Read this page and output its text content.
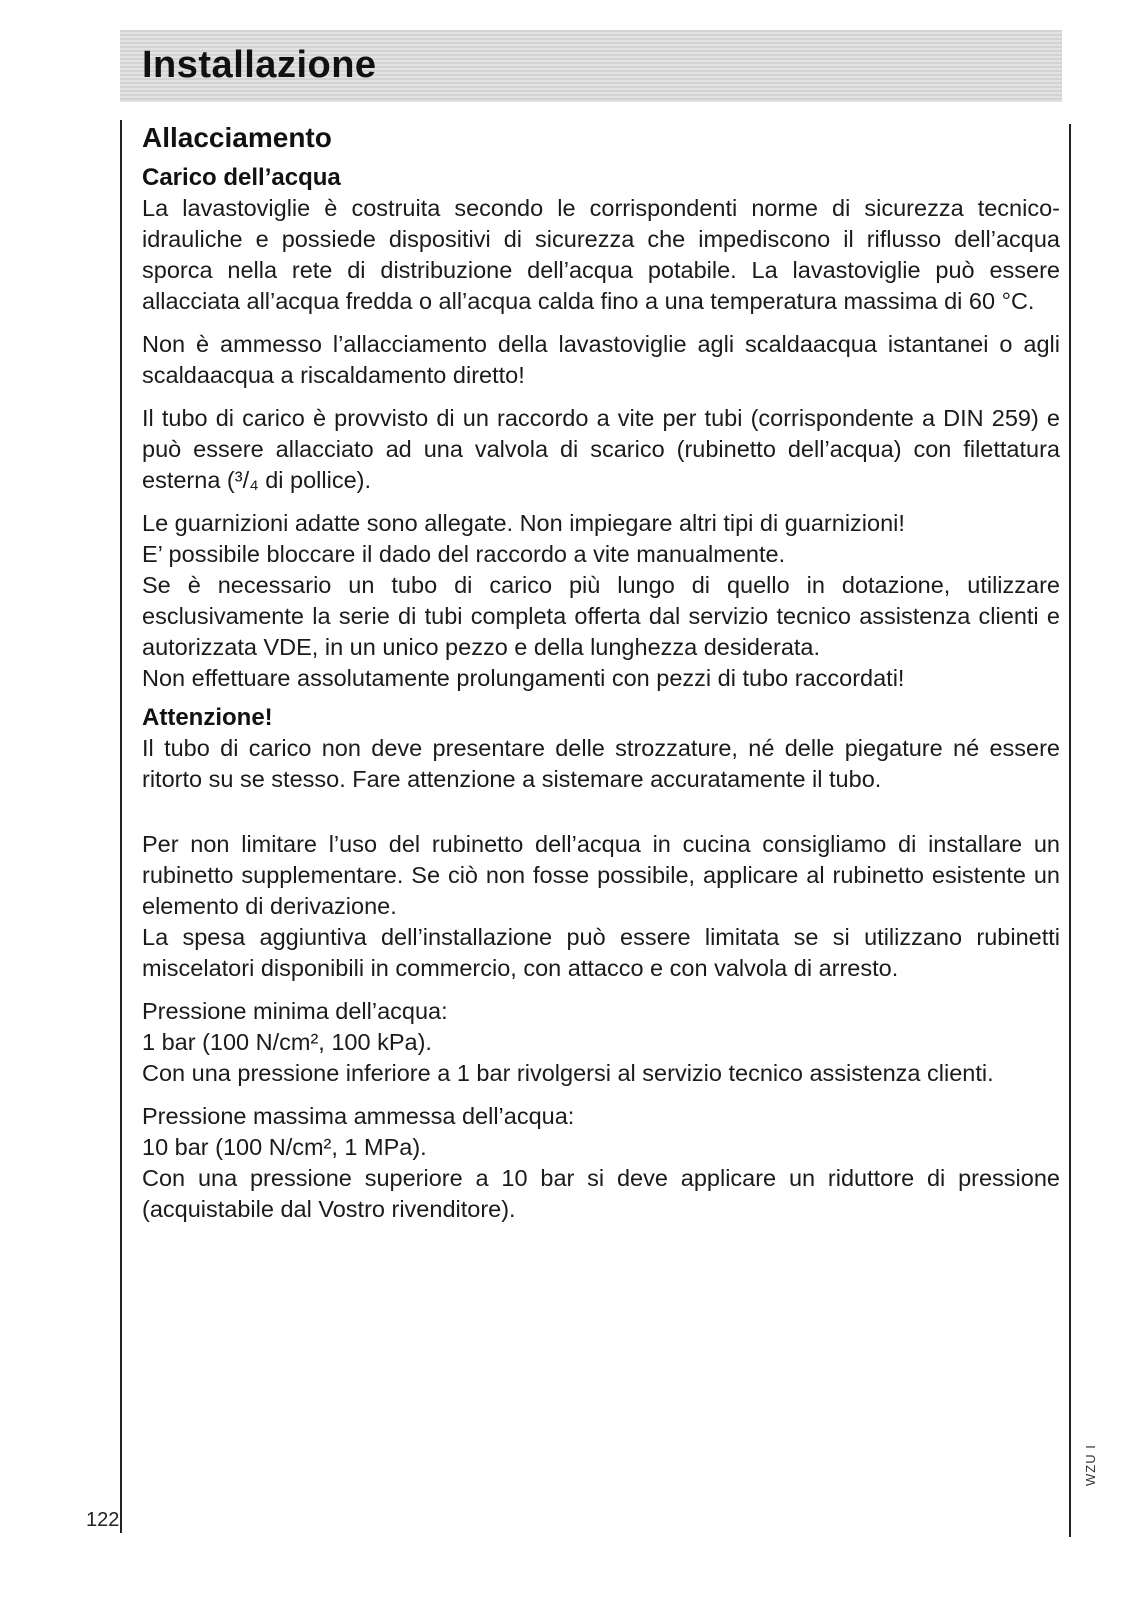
Installazione
Allacciamento
Carico dell’acqua

La lavastoviglie è costruita secondo le corrispondenti norme di sicurezza tecnico-idrauliche e possiede dispositivi di sicurezza che impediscono il riflusso dell’acqua sporca nella rete di distribuzione dell’acqua potabile. La lavastoviglie può essere allacciata all’acqua fredda o all’acqua calda fino a una temperatura massima di 60 °C.

Non è ammesso l’allacciamento della lavastoviglie agli scaldaacqua istantanei o agli scaldaacqua a riscaldamento diretto!

Il tubo di carico è provvisto di un raccordo a vite per tubi (corrispondente a DIN 259) e può essere allacciato ad una valvola di scarico (rubinetto dell’acqua) con filettatura esterna (³/₄ di pollice).

Le guarnizioni adatte sono allegate. Non impiegare altri tipi di guarnizioni!
E’ possibile bloccare il dado del raccordo a vite manualmente.
Se è necessario un tubo di carico più lungo di quello in dotazione, utilizzare esclusivamente la serie di tubi completa offerta dal servizio tecnico assistenza clienti e autorizzata VDE, in un unico pezzo e della lunghezza desiderata.
Non effettuare assolutamente prolungamenti con pezzi di tubo raccordati!

Attenzione!

Il tubo di carico non deve presentare delle strozzature, né delle piegature né essere ritorto su se stesso. Fare attenzione a sistemare accuratamente il tubo.

Per non limitare l’uso del rubinetto dell’acqua in cucina consigliamo di installare un rubinetto supplementare. Se ciò non fosse possibile, applicare al rubinetto esistente un elemento di derivazione.

La spesa aggiuntiva dell’installazione può essere limitata se si utilizzano rubinetti miscelatori disponibili in commercio, con attacco e con valvola di arresto.

Pressione minima dell’acqua:
1 bar (100 N/cm², 100 kPa).
Con una pressione inferiore a 1 bar rivolgersi al servizio tecnico assistenza clienti.

Pressione massima ammessa dell’acqua:
10 bar (100 N/cm², 1 MPa).
Con una pressione superiore a 10 bar si deve applicare un riduttore di pressione (acquistabile dal Vostro rivenditore).

122
WZU I
